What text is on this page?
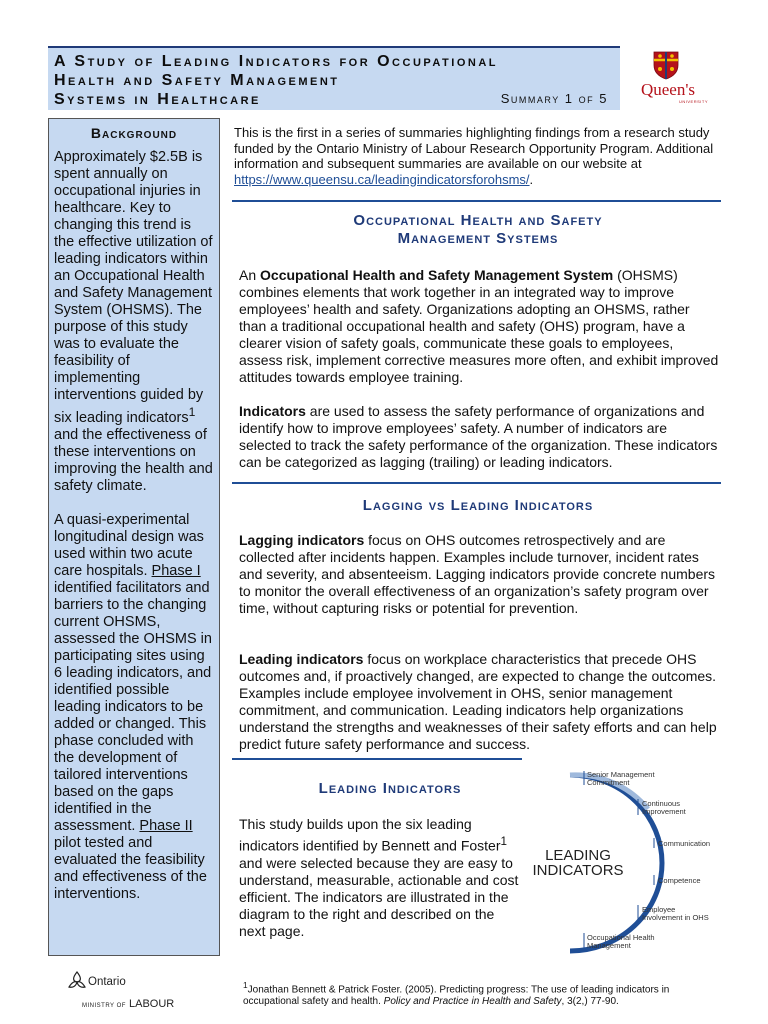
A Study of Leading Indicators for Occupational
Health and Safety Management
Systems in Healthcare	Summary 1 of 5	Queen's
UNIVERSITY
Background

Approximately $2.5B is spent annually on occupational injuries in healthcare. Key to changing this trend is the effective utilization of leading indicators within an Occupational Health and Safety Management System (OHSMS). The purpose of this study was to evaluate the feasibility of implementing interventions guided by six leading indicators$^1$ and the effectiveness of these interventions on improving the health and safety climate.

A quasi-experimental longitudinal design was used within two acute care hospitals. Phase I identified facilitators and barriers to the changing current OHSMS, assessed the OHSMS in participating sites using 6 leading indicators, and identified possible leading indicators to be added or changed. This phase concluded with the development of tailored interventions based on the gaps identified in the assessment. Phase II pilot tested and evaluated the feasibility and effectiveness of the interventions.

This is the first in a series of summaries highlighting findings from a research study funded by the Ontario Ministry of Labour Research Opportunity Program. Additional information and subsequent summaries are available on our website at https://www.queensu.ca/leadingindicatorsforohsms/.
Occupational Health and Safety
Management Systems
An Occupational Health and Safety Management System (OHSMS) combines elements that work together in an integrated way to improve employees’ health and safety. Organizations adopting an OHSMS, rather than a traditional occupational health and safety (OHS) program, have a clearer vision of safety goals, communicate these goals to employees, assess risk, implement corrective measures more often, and exhibit improved attitudes towards employee training.
Indicators are used to assess the safety performance of organizations and identify how to improve employees’ safety. A number of indicators are selected to track the safety performance of the organization. These indicators can be categorized as lagging (trailing) or leading indicators.
Lagging vs Leading Indicators
Lagging indicators focus on OHS outcomes retrospectively and are collected after incidents happen. Examples include turnover, incident rates and severity, and absenteeism. Lagging indicators provide concrete numbers to monitor the overall effectiveness of an organization’s safety program over time, without capturing risks or potential for prevention.
Leading indicators focus on workplace characteristics that precede OHS outcomes and, if proactively changed, are expected to change the outcomes. Examples include employee involvement in OHS, senior management commitment, and communication. Leading indicators help organizations understand the strengths and weaknesses of their safety efforts and can help predict future safety performance and success.
Leading Indicators
This study builds upon the six leading indicators identified by Bennett and Foster$^1$ and were selected because they are easy to understand, measurable, actionable and cost efficient. The indicators are illustrated in the diagram to the right and described on the next page.
LEADING
INDICATORS
Senior Management
Commitment
Continuous
Improvement
Communication
Competence
Employee
Involvement in OHS
Occupational Health
Management
$^1$Jonathan Bennett & Patrick Foster. (2005). Predicting progress: The use of leading indicators in occupational safety and health. Policy and Practice in Health and Safety, 3(2,) 77-90.
Ontario
MINISTRY OF LABOUR
